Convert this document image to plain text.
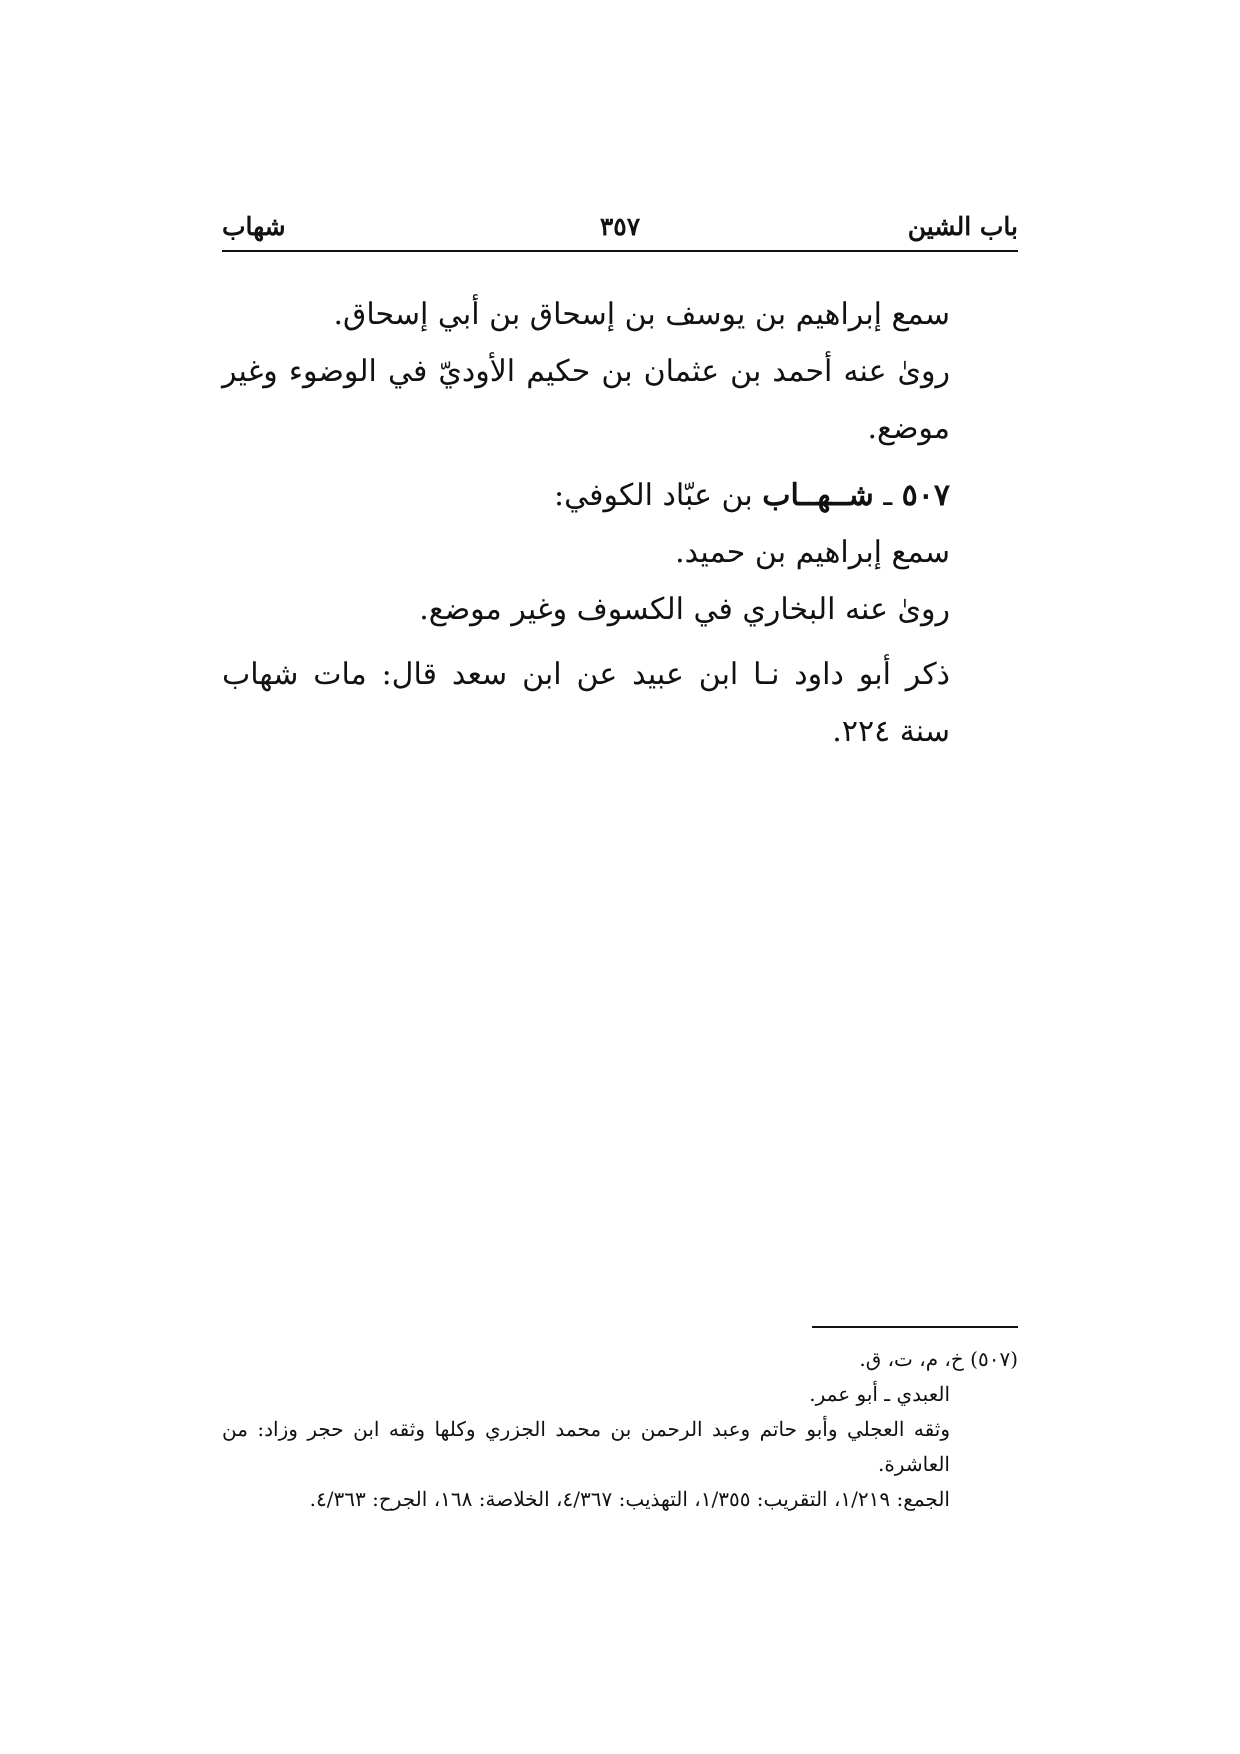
باب الشين
٣٥٧
شهاب

سمع إبراهيم بن يوسف بن إسحاق بن أبي إسحاق.

روىٰ عنه أحمد بن عثمان بن حكيم الأوديّ في الوضوء وغير موضع.

٥٠٧ ـ شــهــاب بن عبّاد الكوفي:

سمع إبراهيم بن حميد.

روىٰ عنه البخاري في الكسوف وغير موضع.

ذكر أبو داود نـا ابن عبيد عن ابن سعد قال: مات شهاب سنة ٢٢٤.

(٥٠٧) خ، م، ت، ق.

العبدي ـ أبو عمر.

وثقه العجلي وأبو حاتم وعبد الرحمن بن محمد الجزري وكلها وثقه ابن حجر وزاد: من العاشرة.

الجمع: ١/٢١٩، التقريب: ١/٣٥٥، التهذيب: ٤/٣٦٧، الخلاصة: ١٦٨، الجرح: ٤/٣٦٣.
